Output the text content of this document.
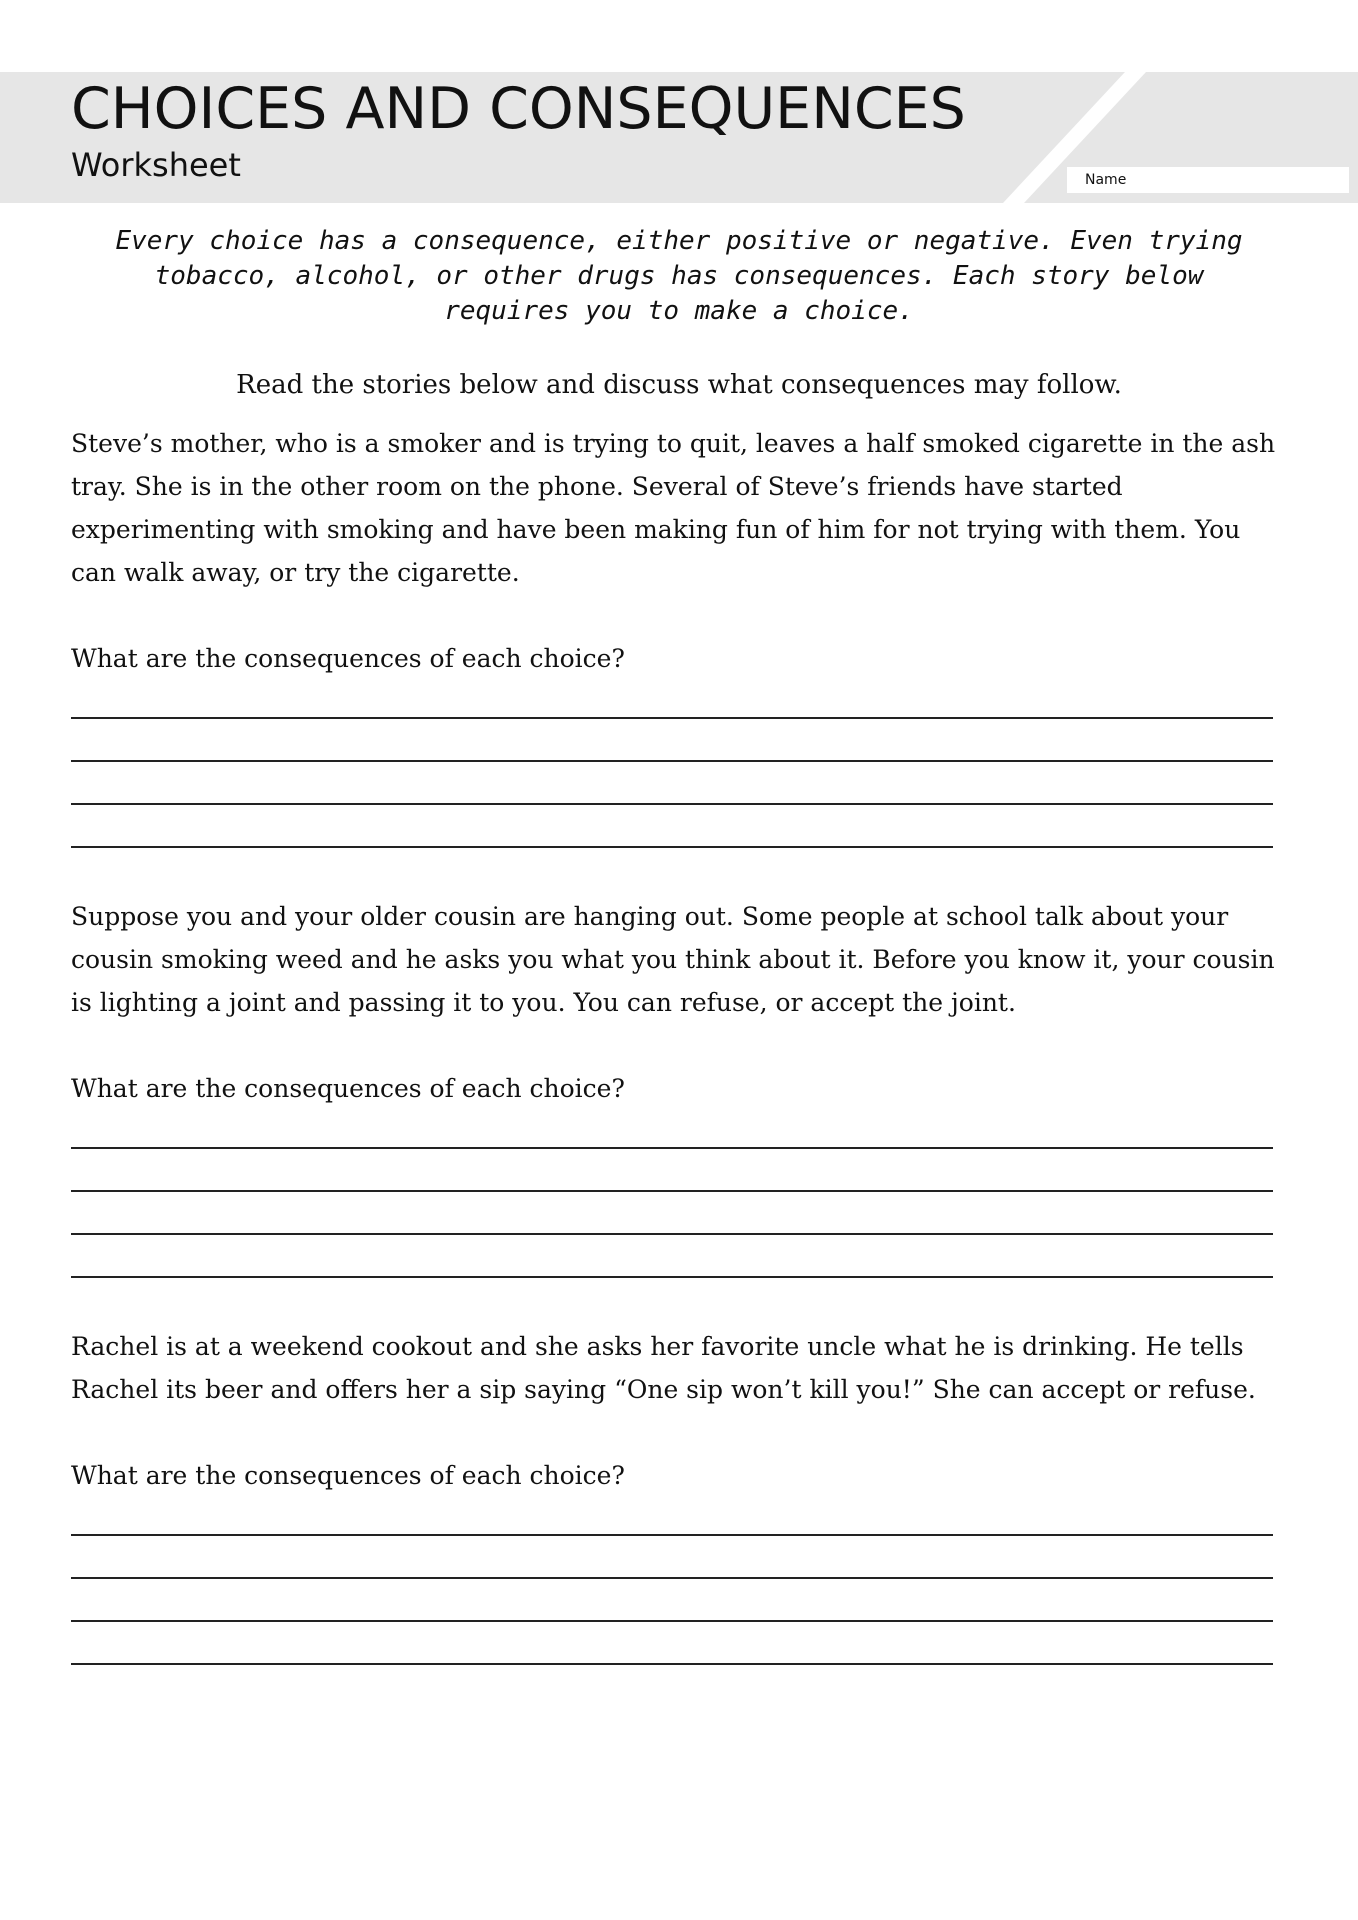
CHOICES AND CONSEQUENCES
Worksheet	Name

Every choice has a consequence, either positive or negative. Even trying tobacco, alcohol, or other drugs has consequences. Each story below requires you to make a choice.

Read the stories below and discuss what consequences may follow.

Steve’s mother, who is a smoker and is trying to quit, leaves a half smoked cigarette in the ash tray. She is in the other room on the phone. Several of Steve’s friends have started experimenting with smoking and have been making fun of him for not trying with them. You can walk away, or try the cigarette.

What are the consequences of each choice?

Suppose you and your older cousin are hanging out. Some people at school talk about your cousin smoking weed and he asks you what you think about it. Before you know it, your cousin is lighting a joint and passing it to you. You can refuse, or accept the joint.

What are the consequences of each choice?

Rachel is at a weekend cookout and she asks her favorite uncle what he is drinking. He tells Rachel its beer and offers her a sip saying “One sip won’t kill you!” She can accept or refuse.

What are the consequences of each choice?
